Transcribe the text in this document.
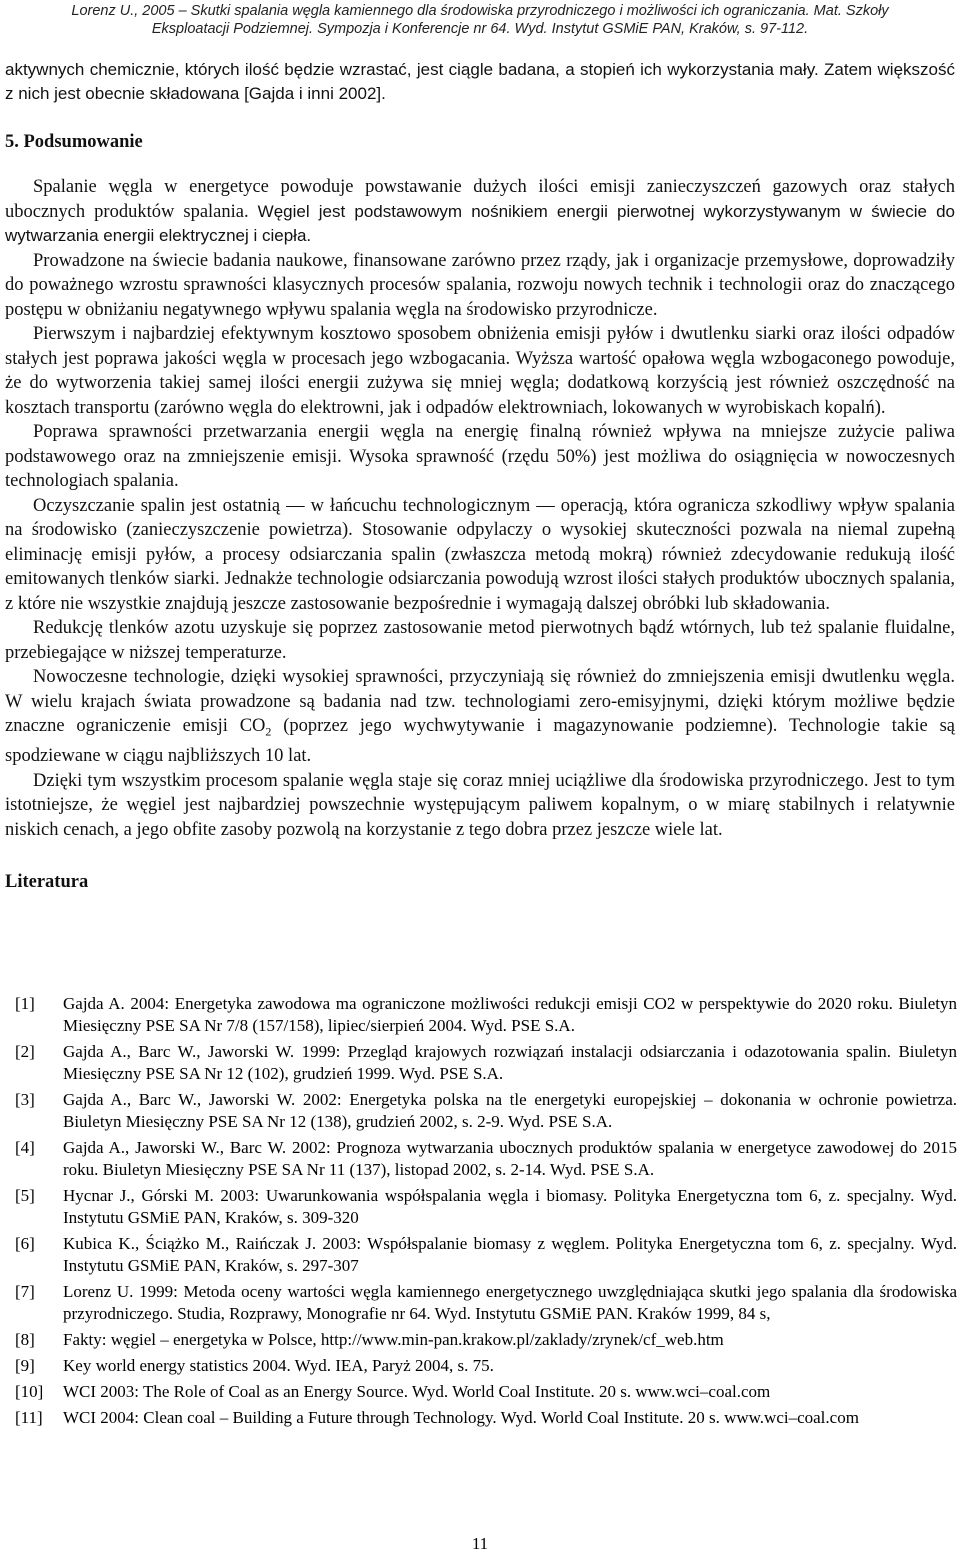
Lorenz U., 2005 – Skutki spalania węgla kamiennego dla środowiska przyrodniczego i możliwości ich ograniczania. Mat. Szkoły
Eksploatacji Podziemnej. Sympozja i Konferencje nr 64. Wyd. Instytut GSMiE PAN, Kraków, s. 97-112.

aktywnych chemicznie, których ilość będzie wzrastać, jest ciągle badana, a stopień ich wykorzystania mały. Zatem większość z nich jest obecnie składowana [Gajda i inni 2002].

5. Podsumowanie

Spalanie węgla w energetyce powoduje powstawanie dużych ilości emisji zanieczyszczeń gazowych oraz stałych ubocznych produktów spalania. Węgiel jest podstawowym nośnikiem energii pierwotnej wykorzystywanym w świecie do wytwarzania energii elektrycznej i ciepła.

Prowadzone na świecie badania naukowe, finansowane zarówno przez rządy, jak i organizacje przemysłowe, doprowadziły do poważnego wzrostu sprawności klasycznych procesów spalania, rozwoju nowych technik i technologii oraz do znaczącego postępu w obniżaniu negatywnego wpływu spalania węgla na środowisko przyrodnicze.

Pierwszym i najbardziej efektywnym kosztowo sposobem obniżenia emisji pyłów i dwutlenku siarki oraz ilości odpadów stałych jest poprawa jakości węgla w procesach jego wzbogacania. Wyższa wartość opałowa węgla wzbogaconego powoduje, że do wytworzenia takiej samej ilości energii zużywa się mniej węgla; dodatkową korzyścią jest również oszczędność na kosztach transportu (zarówno węgla do elektrowni, jak i odpadów elektrowniach, lokowanych w wyrobiskach kopalń).

Poprawa sprawności przetwarzania energii węgla na energię finalną również wpływa na mniejsze zużycie paliwa podstawowego oraz na zmniejszenie emisji. Wysoka sprawność (rzędu 50%) jest możliwa do osiągnięcia w nowoczesnych technologiach spalania.

Oczyszczanie spalin jest ostatnią — w łańcuchu technologicznym — operacją, która ogranicza szkodliwy wpływ spalania na środowisko (zanieczyszczenie powietrza). Stosowanie odpylaczy o wysokiej skuteczności pozwala na niemal zupełną eliminację emisji pyłów, a procesy odsiarczania spalin (zwłaszcza metodą mokrą) również zdecydowanie redukują ilość emitowanych tlenków siarki. Jednakże technologie odsiarczania powodują wzrost ilości stałych produktów ubocznych spalania, z które nie wszystkie znajdują jeszcze zastosowanie bezpośrednie i wymagają dalszej obróbki lub składowania.

Redukcję tlenków azotu uzyskuje się poprzez zastosowanie metod pierwotnych bądź wtórnych, lub też spalanie fluidalne, przebiegające w niższej temperaturze.

Nowoczesne technologie, dzięki wysokiej sprawności, przyczyniają się również do zmniejszenia emisji dwutlenku węgla. W wielu krajach świata prowadzone są badania nad tzw. technologiami zero-emisyjnymi, dzięki którym możliwe będzie znaczne ograniczenie emisji $CO_2$ (poprzez jego wychwytywanie i magazynowanie podziemne). Technologie takie są spodziewane w ciągu najbliższych 10 lat.

Dzięki tym wszystkim procesom spalanie węgla staje się coraz mniej uciążliwe dla środowiska przyrodniczego. Jest to tym istotniejsze, że węgiel jest najbardziej powszechnie występującym paliwem kopalnym, o w miarę stabilnych i relatywnie niskich cenach, a jego obfite zasoby pozwolą na korzystanie z tego dobra przez jeszcze wiele lat.

Literatura

[1]	Gajda A. 2004: Energetyka zawodowa ma ograniczone możliwości redukcji emisji CO2 w perspektywie do 2020 roku. Biuletyn Miesięczny PSE SA Nr 7/8 (157/158), lipiec/sierpień 2004. Wyd. PSE S.A.
[2]	Gajda A., Barc W., Jaworski W. 1999: Przegląd krajowych rozwiązań instalacji odsiarczania i odazotowania spalin. Biuletyn Miesięczny PSE SA Nr 12 (102), grudzień 1999. Wyd. PSE S.A.
[3]	Gajda A., Barc W., Jaworski W. 2002: Energetyka polska na tle energetyki europejskiej – dokonania w ochronie powietrza. Biuletyn Miesięczny PSE SA Nr 12 (138), grudzień 2002, s. 2-9. Wyd. PSE S.A.
[4]	Gajda A., Jaworski W., Barc W. 2002: Prognoza wytwarzania ubocznych produktów spalania w energetyce zawodowej do 2015 roku. Biuletyn Miesięczny PSE SA Nr 11 (137), listopad 2002, s. 2-14. Wyd. PSE S.A.
[5]	Hycnar J., Górski M. 2003: Uwarunkowania współspalania węgla i biomasy. Polityka Energetyczna tom 6, z. specjalny. Wyd. Instytutu GSMiE PAN, Kraków, s. 309-320
[6]	Kubica K., Ściążko M., Raińczak J. 2003: Współspalanie biomasy z węglem. Polityka Energetyczna tom 6, z. specjalny. Wyd. Instytutu GSMiE PAN, Kraków, s. 297-307
[7]	Lorenz U. 1999: Metoda oceny wartości węgla kamiennego energetycznego uwzględniająca skutki jego spalania dla środowiska przyrodniczego. Studia, Rozprawy, Monografie nr 64. Wyd. Instytutu GSMiE PAN. Kraków 1999, 84 s,
[8]	Fakty: węgiel – energetyka w Polsce, http://www.min-pan.krakow.pl/zaklady/zrynek/cf_web.htm
[9]	Key world energy statistics 2004. Wyd. IEA, Paryż 2004, s. 75.
[10]	WCI 2003: The Role of Coal as an Energy Source. Wyd. World Coal Institute. 20 s. www.wci–coal.com
[11]	WCI 2004: Clean coal – Building a Future through Technology. Wyd. World Coal Institute. 20 s. www.wci–coal.com
11
